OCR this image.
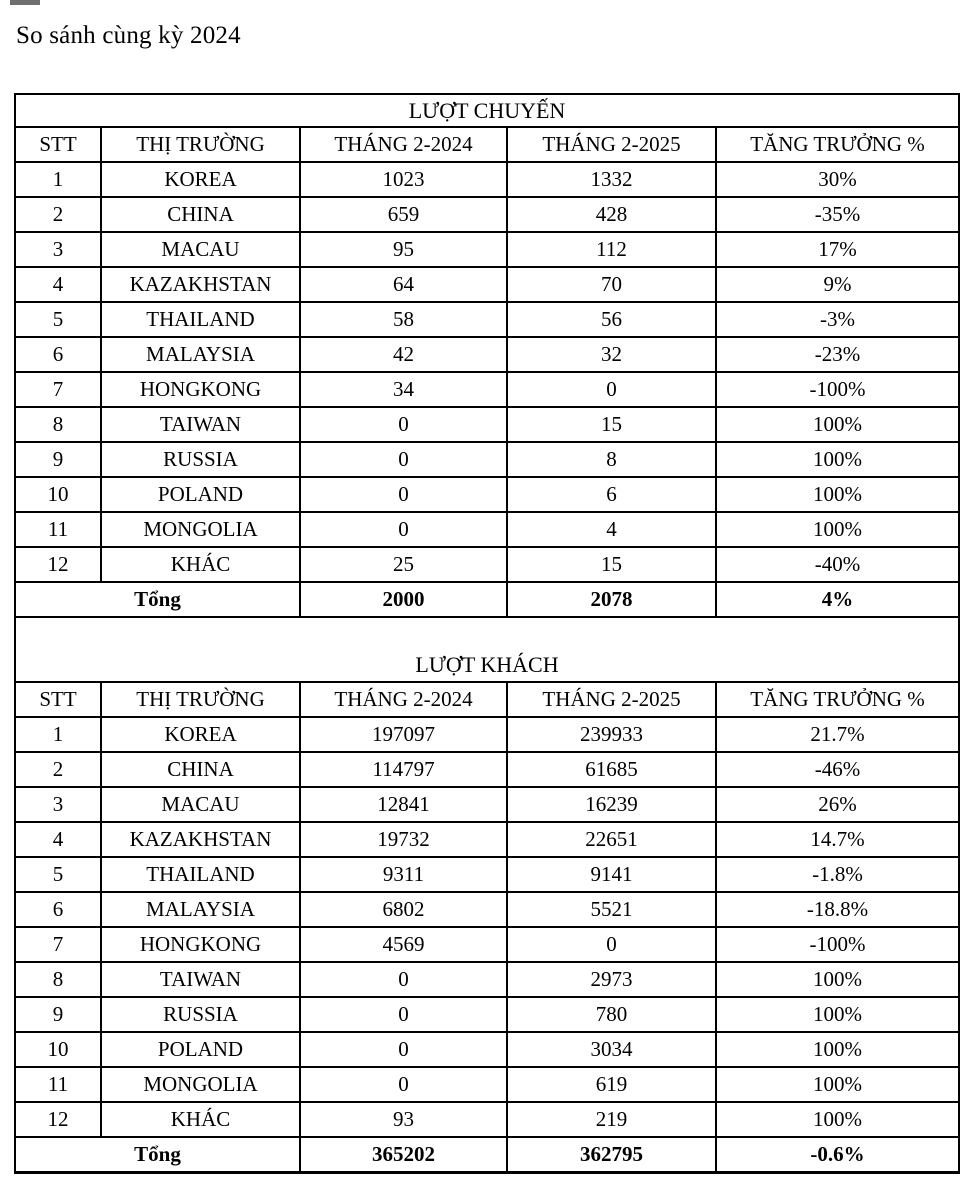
So sánh cùng kỳ 2024
LƯỢT CHUYẾN				
STT	THỊ TRƯỜNG	THÁNG 2-2024	THÁNG 2-2025	TĂNG TRƯỞNG %
1	KOREA	1023	1332	30%
2	CHINA	659	428	-35%
3	MACAU	95	112	17%
4	KAZAKHSTAN	64	70	9%
5	THAILAND	58	56	-3%
6	MALAYSIA	42	32	-23%
7	HONGKONG	34	0	-100%
8	TAIWAN	0	15	100%
9	RUSSIA	0	8	100%
10	POLAND	0	6	100%
11	MONGOLIA	0	4	100%
12	KHÁC	25	15	-40%
Tổng		2000	2078	4%
LƯỢT KHÁCH				
STT	THỊ TRƯỜNG	THÁNG 2-2024	THÁNG 2-2025	TĂNG TRƯỞNG %
1	KOREA	197097	239933	21.7%
2	CHINA	114797	61685	-46%
3	MACAU	12841	16239	26%
4	KAZAKHSTAN	19732	22651	14.7%
5	THAILAND	9311	9141	-1.8%
6	MALAYSIA	6802	5521	-18.8%
7	HONGKONG	4569	0	-100%
8	TAIWAN	0	2973	100%
9	RUSSIA	0	780	100%
10	POLAND	0	3034	100%
11	MONGOLIA	0	619	100%
12	KHÁC	93	219	100%
Tổng		365202	362795	-0.6%
